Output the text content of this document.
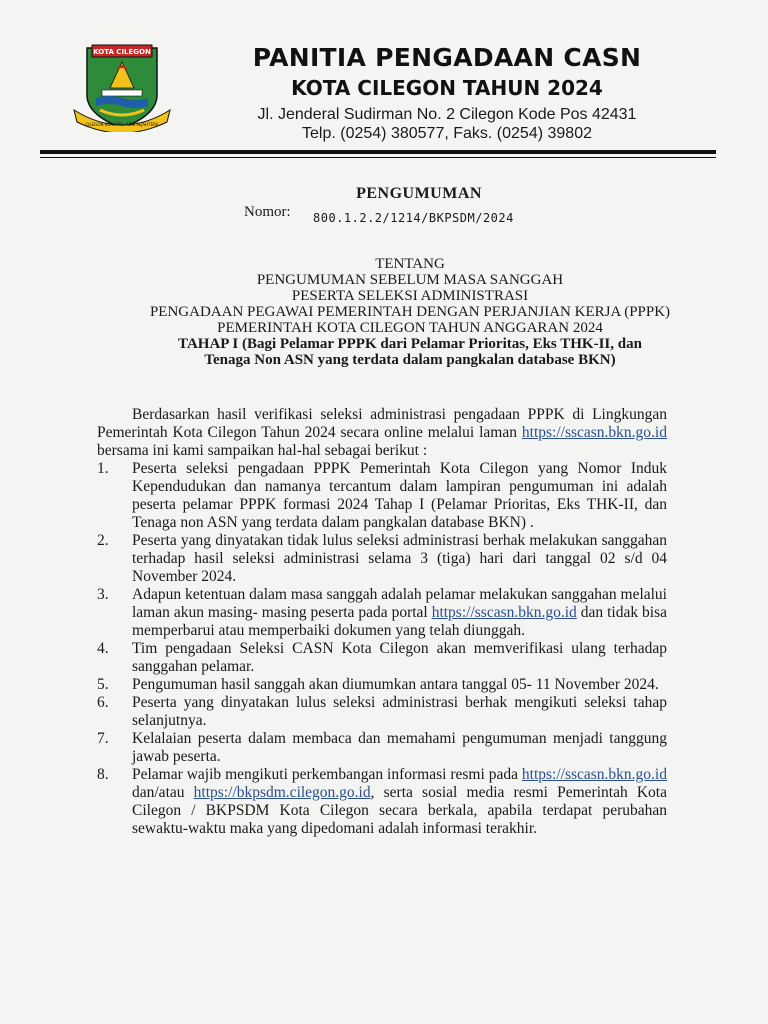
KOTA CILEGON
CILEGON BERSATU, ADIL SEJAHTERA
PANITIA PENGADAAN CASN
KOTA CILEGON TAHUN 2024
Jl. Jenderal Sudirman No. 2 Cilegon Kode Pos 42431
Telp. (0254) 380577, Faks. (0254) 39802
PENGUMUMAN
Nomor: 800.1.2.2/1214/BKPSDM/2024
TENTANG
PENGUMUMAN SEBELUM MASA SANGGAH
PESERTA SELEKSI ADMINISTRASI
PENGADAAN PEGAWAI PEMERINTAH DENGAN PERJANJIAN KERJA (PPPK)
PEMERINTAH KOTA CILEGON TAHUN ANGGARAN 2024
TAHAP I (Bagi Pelamar PPPK dari Pelamar Prioritas, Eks THK-II, dan
Tenaga Non ASN yang terdata dalam pangkalan database BKN)

Berdasarkan hasil verifikasi seleksi administrasi pengadaan PPPK di Lingkungan Pemerintah Kota Cilegon Tahun 2024 secara online melalui laman https://sscasn.bkn.go.id bersama ini kami sampaikan hal-hal sebagai berikut :

1. Peserta seleksi pengadaan PPPK Pemerintah Kota Cilegon yang Nomor Induk Kependudukan dan namanya tercantum dalam lampiran pengumuman ini adalah peserta pelamar PPPK formasi 2024 Tahap I (Pelamar Prioritas, Eks THK-II, dan Tenaga non ASN yang terdata dalam pangkalan database BKN) .
2. Peserta yang dinyatakan tidak lulus seleksi administrasi berhak melakukan sanggahan terhadap hasil seleksi administrasi selama 3 (tiga) hari dari tanggal 02 s/d 04 November 2024.
3. Adapun ketentuan dalam masa sanggah adalah pelamar melakukan sanggahan melalui laman akun masing- masing peserta pada portal https://sscasn.bkn.go.id dan tidak bisa memperbarui atau memperbaiki dokumen yang telah diunggah.
4. Tim pengadaan Seleksi CASN Kota Cilegon akan memverifikasi ulang terhadap sanggahan pelamar.
5. Pengumuman hasil sanggah akan diumumkan antara tanggal 05- 11 November 2024.
6. Peserta yang dinyatakan lulus seleksi administrasi berhak mengikuti seleksi tahap selanjutnya.
7. Kelalaian peserta dalam membaca dan memahami pengumuman menjadi tanggung jawab peserta.
8. Pelamar wajib mengikuti perkembangan informasi resmi pada https://sscasn.bkn.go.id dan/atau https://bkpsdm.cilegon.go.id, serta sosial media resmi Pemerintah Kota Cilegon / BKPSDM Kota Cilegon secara berkala, apabila terdapat perubahan sewaktu-waktu maka yang dipedomani adalah informasi terakhir.
